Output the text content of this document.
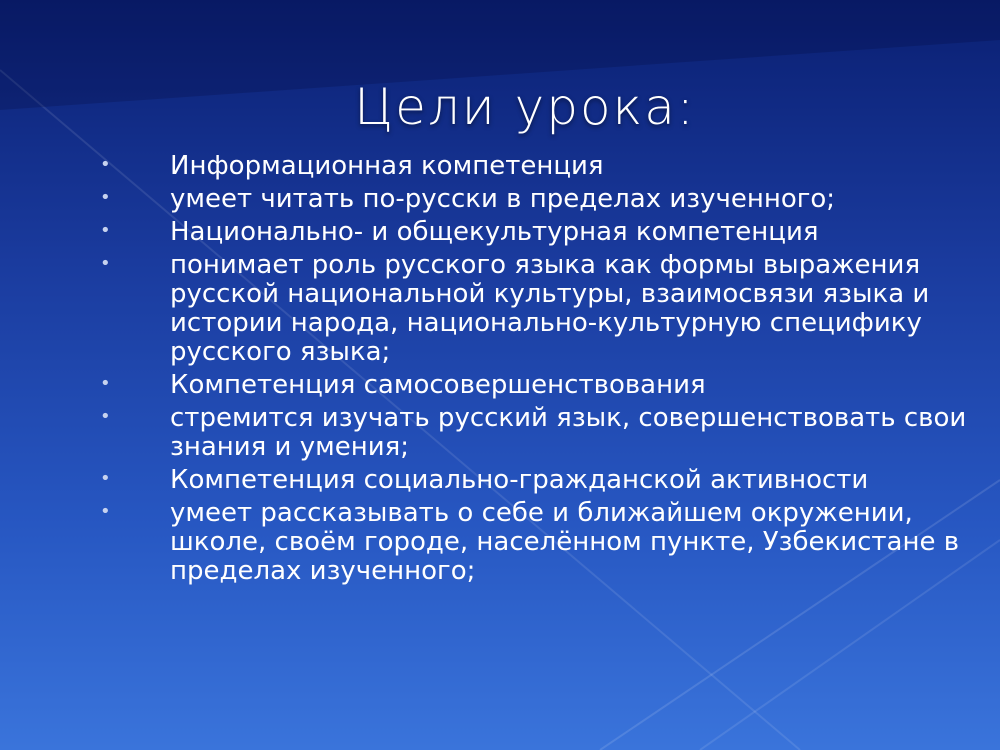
Цели урока:
• Информационная компетенция
• умеет читать по-русски в пределах изученного;
• Национально- и общекультурная компетенция
• понимает роль русского языка как формы выражения русской национальной культуры, взаимосвязи языка и истории народа, национально-культурную специфику русского языка;
• Компетенция самосовершенствования
• стремится изучать русский язык, совершенствовать свои знания и умения;
• Компетенция социально-гражданской активности
• умеет рассказывать о себе и ближайшем окружении, школе, своём городе, населённом пункте, Узбекистане в пределах изученного;
